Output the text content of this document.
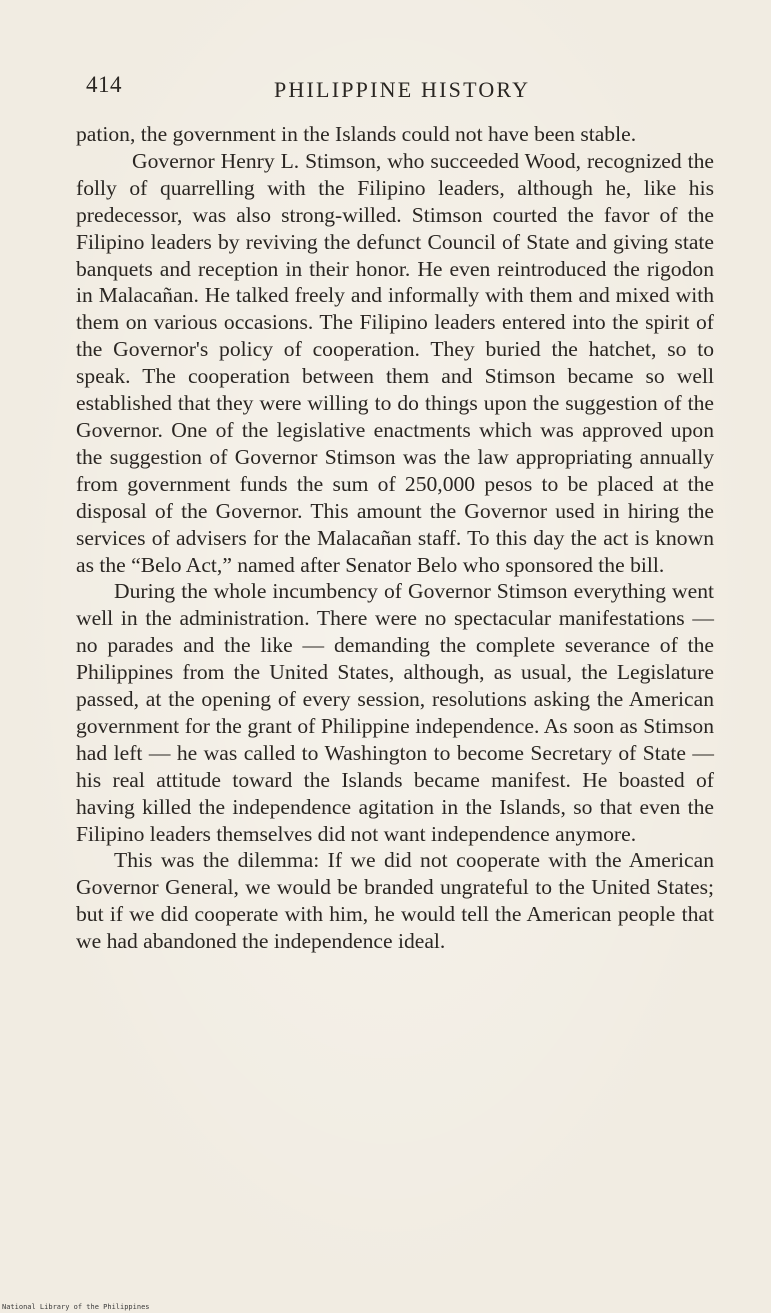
414	PHILIPPINE HISTORY

pation, the government in the Islands could not have been stable.

Governor Henry L. Stimson, who succeeded Wood, recognized the folly of quarrelling with the Filipino leaders, although he, like his predecessor, was also strong-willed. Stimson courted the favor of the Filipino leaders by reviving the defunct Council of State and giving state banquets and reception in their honor. He even reintroduced the rigodon in Malacañan. He talked freely and informally with them and mixed with them on various occasions. The Filipino leaders entered into the spirit of the Governor's policy of cooperation. They buried the hatchet, so to speak. The cooperation between them and Stimson became so well established that they were willing to do things upon the suggestion of the Governor. One of the legislative enactments which was approved upon the suggestion of Governor Stimson was the law appropriating annually from government funds the sum of 250,000 pesos to be placed at the disposal of the Governor. This amount the Governor used in hiring the services of advisers for the Malacañan staff. To this day the act is known as the “Belo Act,” named after Senator Belo who sponsored the bill.

During the whole incumbency of Governor Stimson everything went well in the administration. There were no spectacular manifestations — no parades and the like — demanding the complete severance of the Philippines from the United States, although, as usual, the Legislature passed, at the opening of every session, resolutions asking the American government for the grant of Philippine independence. As soon as Stimson had left — he was called to Washington to become Secretary of State — his real attitude toward the Islands became manifest. He boasted of having killed the independence agitation in the Islands, so that even the Filipino leaders themselves did not want independence anymore.

This was the dilemma: If we did not cooperate with the American Governor General, we would be branded ungrateful to the United States; but if we did cooperate with him, he would tell the American people that we had abandoned the independence ideal.

National Library of the Philippines
